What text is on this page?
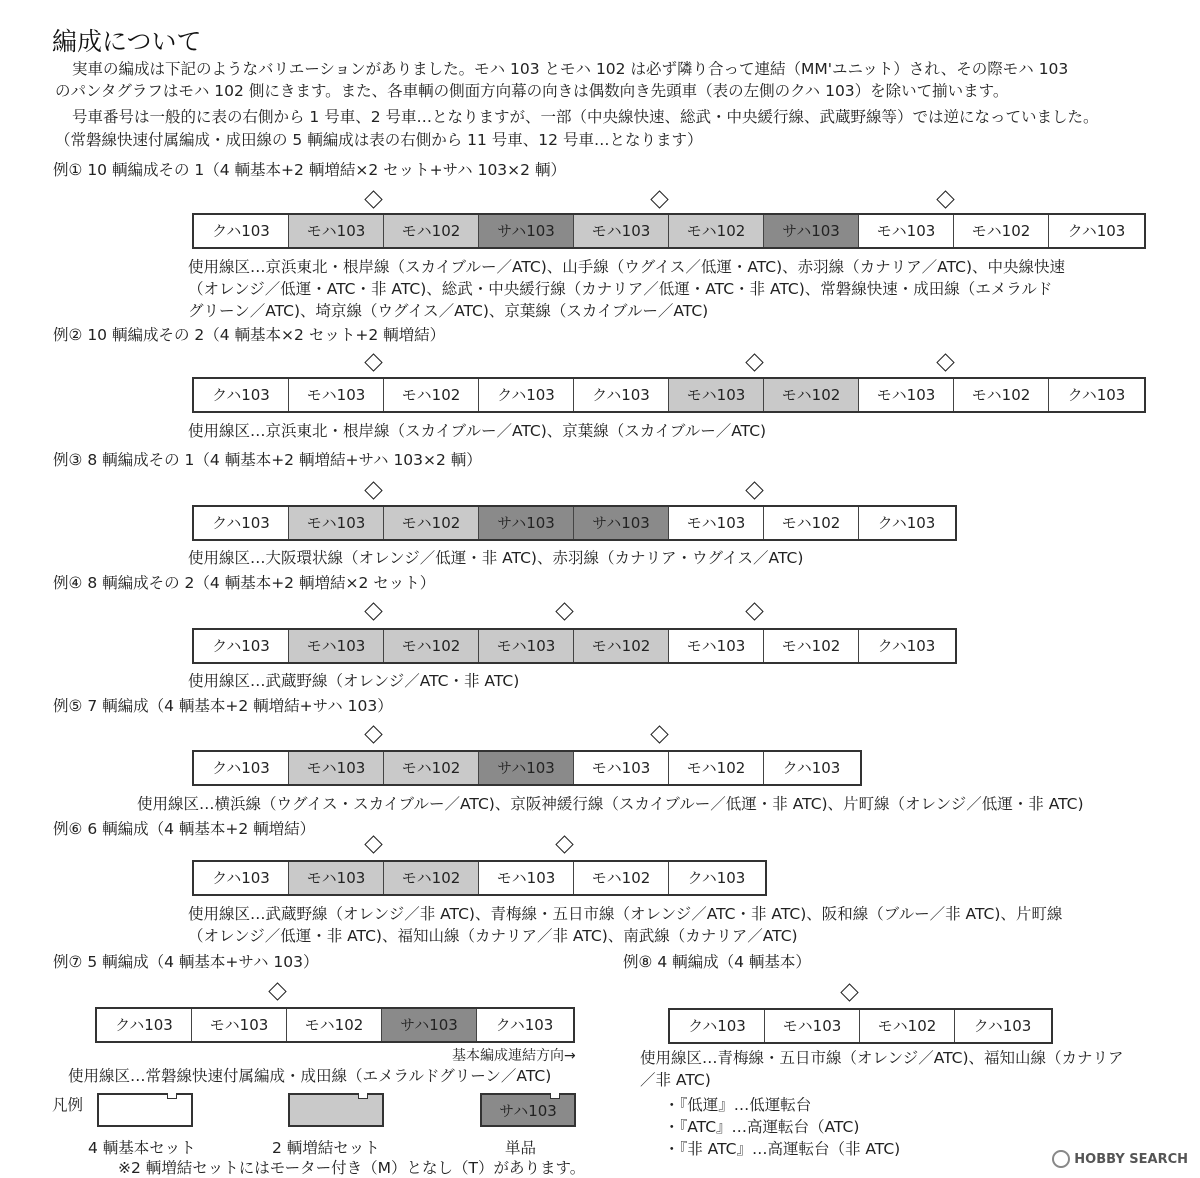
編成について
実車の編成は下記のようなバリエーションがありました。モハ 103 とモハ 102 は必ず隣り合って連結（MM'ユニット）され、その際モハ 103
のパンタグラフはモハ 102 側にきます。また、各車輌の側面方向幕の向きは偶数向き先頭車（表の左側のクハ 103）を除いて揃います。
号車番号は一般的に表の右側から 1 号車、2 号車…となりますが、一部（中央線快速、総武・中央緩行線、武蔵野線等）では逆になっていました。
（常磐線快速付属編成・成田線の 5 輌編成は表の右側から 11 号車、12 号車…となります）
例① 10 輌編成その 1（4 輌基本+2 輌増結×2 セット+サハ 103×2 輌）
クハ103 モハ103 モハ102 サハ103 モハ103 モハ102 サハ103 モハ103 モハ102 クハ103
使用線区…京浜東北・根岸線（スカイブルー／ATC)、山手線（ウグイス／低運・ATC)、赤羽線（カナリア／ATC)、中央線快速
（オレンジ／低運・ATC・非 ATC)、総武・中央緩行線（カナリア／低運・ATC・非 ATC)、常磐線快速・成田線（エメラルド
グリーン／ATC)、埼京線（ウグイス／ATC)、京葉線（スカイブルー／ATC)
例② 10 輌編成その 2（4 輌基本×2 セット+2 輌増結）
クハ103 モハ103 モハ102 クハ103 クハ103 モハ103 モハ102 モハ103 モハ102 クハ103
使用線区…京浜東北・根岸線（スカイブルー／ATC)、京葉線（スカイブルー／ATC)
例③ 8 輌編成その 1（4 輌基本+2 輌増結+サハ 103×2 輌）
クハ103 モハ103 モハ102 サハ103 サハ103 モハ103 モハ102 クハ103
使用線区…大阪環状線（オレンジ／低運・非 ATC)、赤羽線（カナリア・ウグイス／ATC)
例④ 8 輌編成その 2（4 輌基本+2 輌増結×2 セット）
クハ103 モハ103 モハ102 モハ103 モハ102 モハ103 モハ102 クハ103
使用線区…武蔵野線（オレンジ／ATC・非 ATC)
例⑤ 7 輌編成（4 輌基本+2 輌増結+サハ 103）
クハ103 モハ103 モハ102 サハ103 モハ103 モハ102 クハ103
使用線区…横浜線（ウグイス・スカイブルー／ATC)、京阪神緩行線（スカイブルー／低運・非 ATC)、片町線（オレンジ／低運・非 ATC)
例⑥ 6 輌編成（4 輌基本+2 輌増結）
クハ103 モハ103 モハ102 モハ103 モハ102 クハ103
使用線区…武蔵野線（オレンジ／非 ATC)、青梅線・五日市線（オレンジ／ATC・非 ATC)、阪和線（ブルー／非 ATC)、片町線
（オレンジ／低運・非 ATC)、福知山線（カナリア／非 ATC)、南武線（カナリア／ATC)
例⑦ 5 輌編成（4 輌基本+サハ 103）
クハ103 モハ103 モハ102 サハ103	クハ103
基本編成連結方向→
使用線区…常磐線快速付属編成・成田線（エメラルドグリーン／ATC)
例⑧ 4 輌編成（4 輌基本）
クハ103 モハ103 モハ102 クハ103
使用線区…青梅線・五日市線（オレンジ／ATC)、福知山線（カナリア
／非 ATC)
凡例	サハ103
4 輌基本セット	2 輌増結セット	単品
※2 輌増結セットにはモーター付き（M）となし（T）があります。
・『低運』…低運転台
・『ATC』…高運転台（ATC)
・『非 ATC』…高運転台（非 ATC)
HOBBY SEARCH
